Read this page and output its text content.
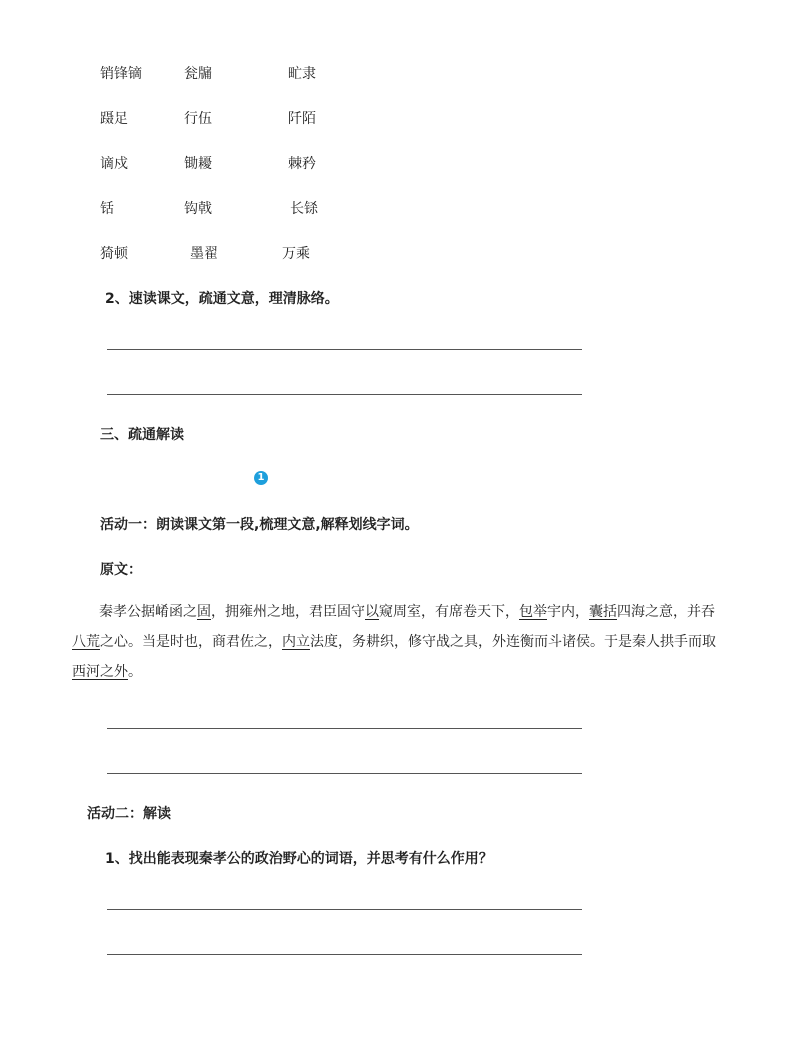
销锋镝	瓮牖	甿隶
蹑足	行伍	阡陌
谪戍	锄耰	棘矜
铦	钩戟	长铩
猗顿	墨翟	万乘
2、速读课文，疏通文意，理清脉络。
三、疏通解读
1
活动一：朗读课文第一段,梳理文意,解释划线字词。
原文：
秦孝公据崤函之固，拥雍州之地，君臣固守以窥周室，有席卷天下，包举宇内，囊括四海之意，并吞八荒之心。当是时也，商君佐之，内立法度，务耕织，修守战之具，外连衡而斗诸侯。于是秦人拱手而取西河之外。
活动二：解读
1、找出能表现秦孝公的政治野心的词语，并思考有什么作用？
